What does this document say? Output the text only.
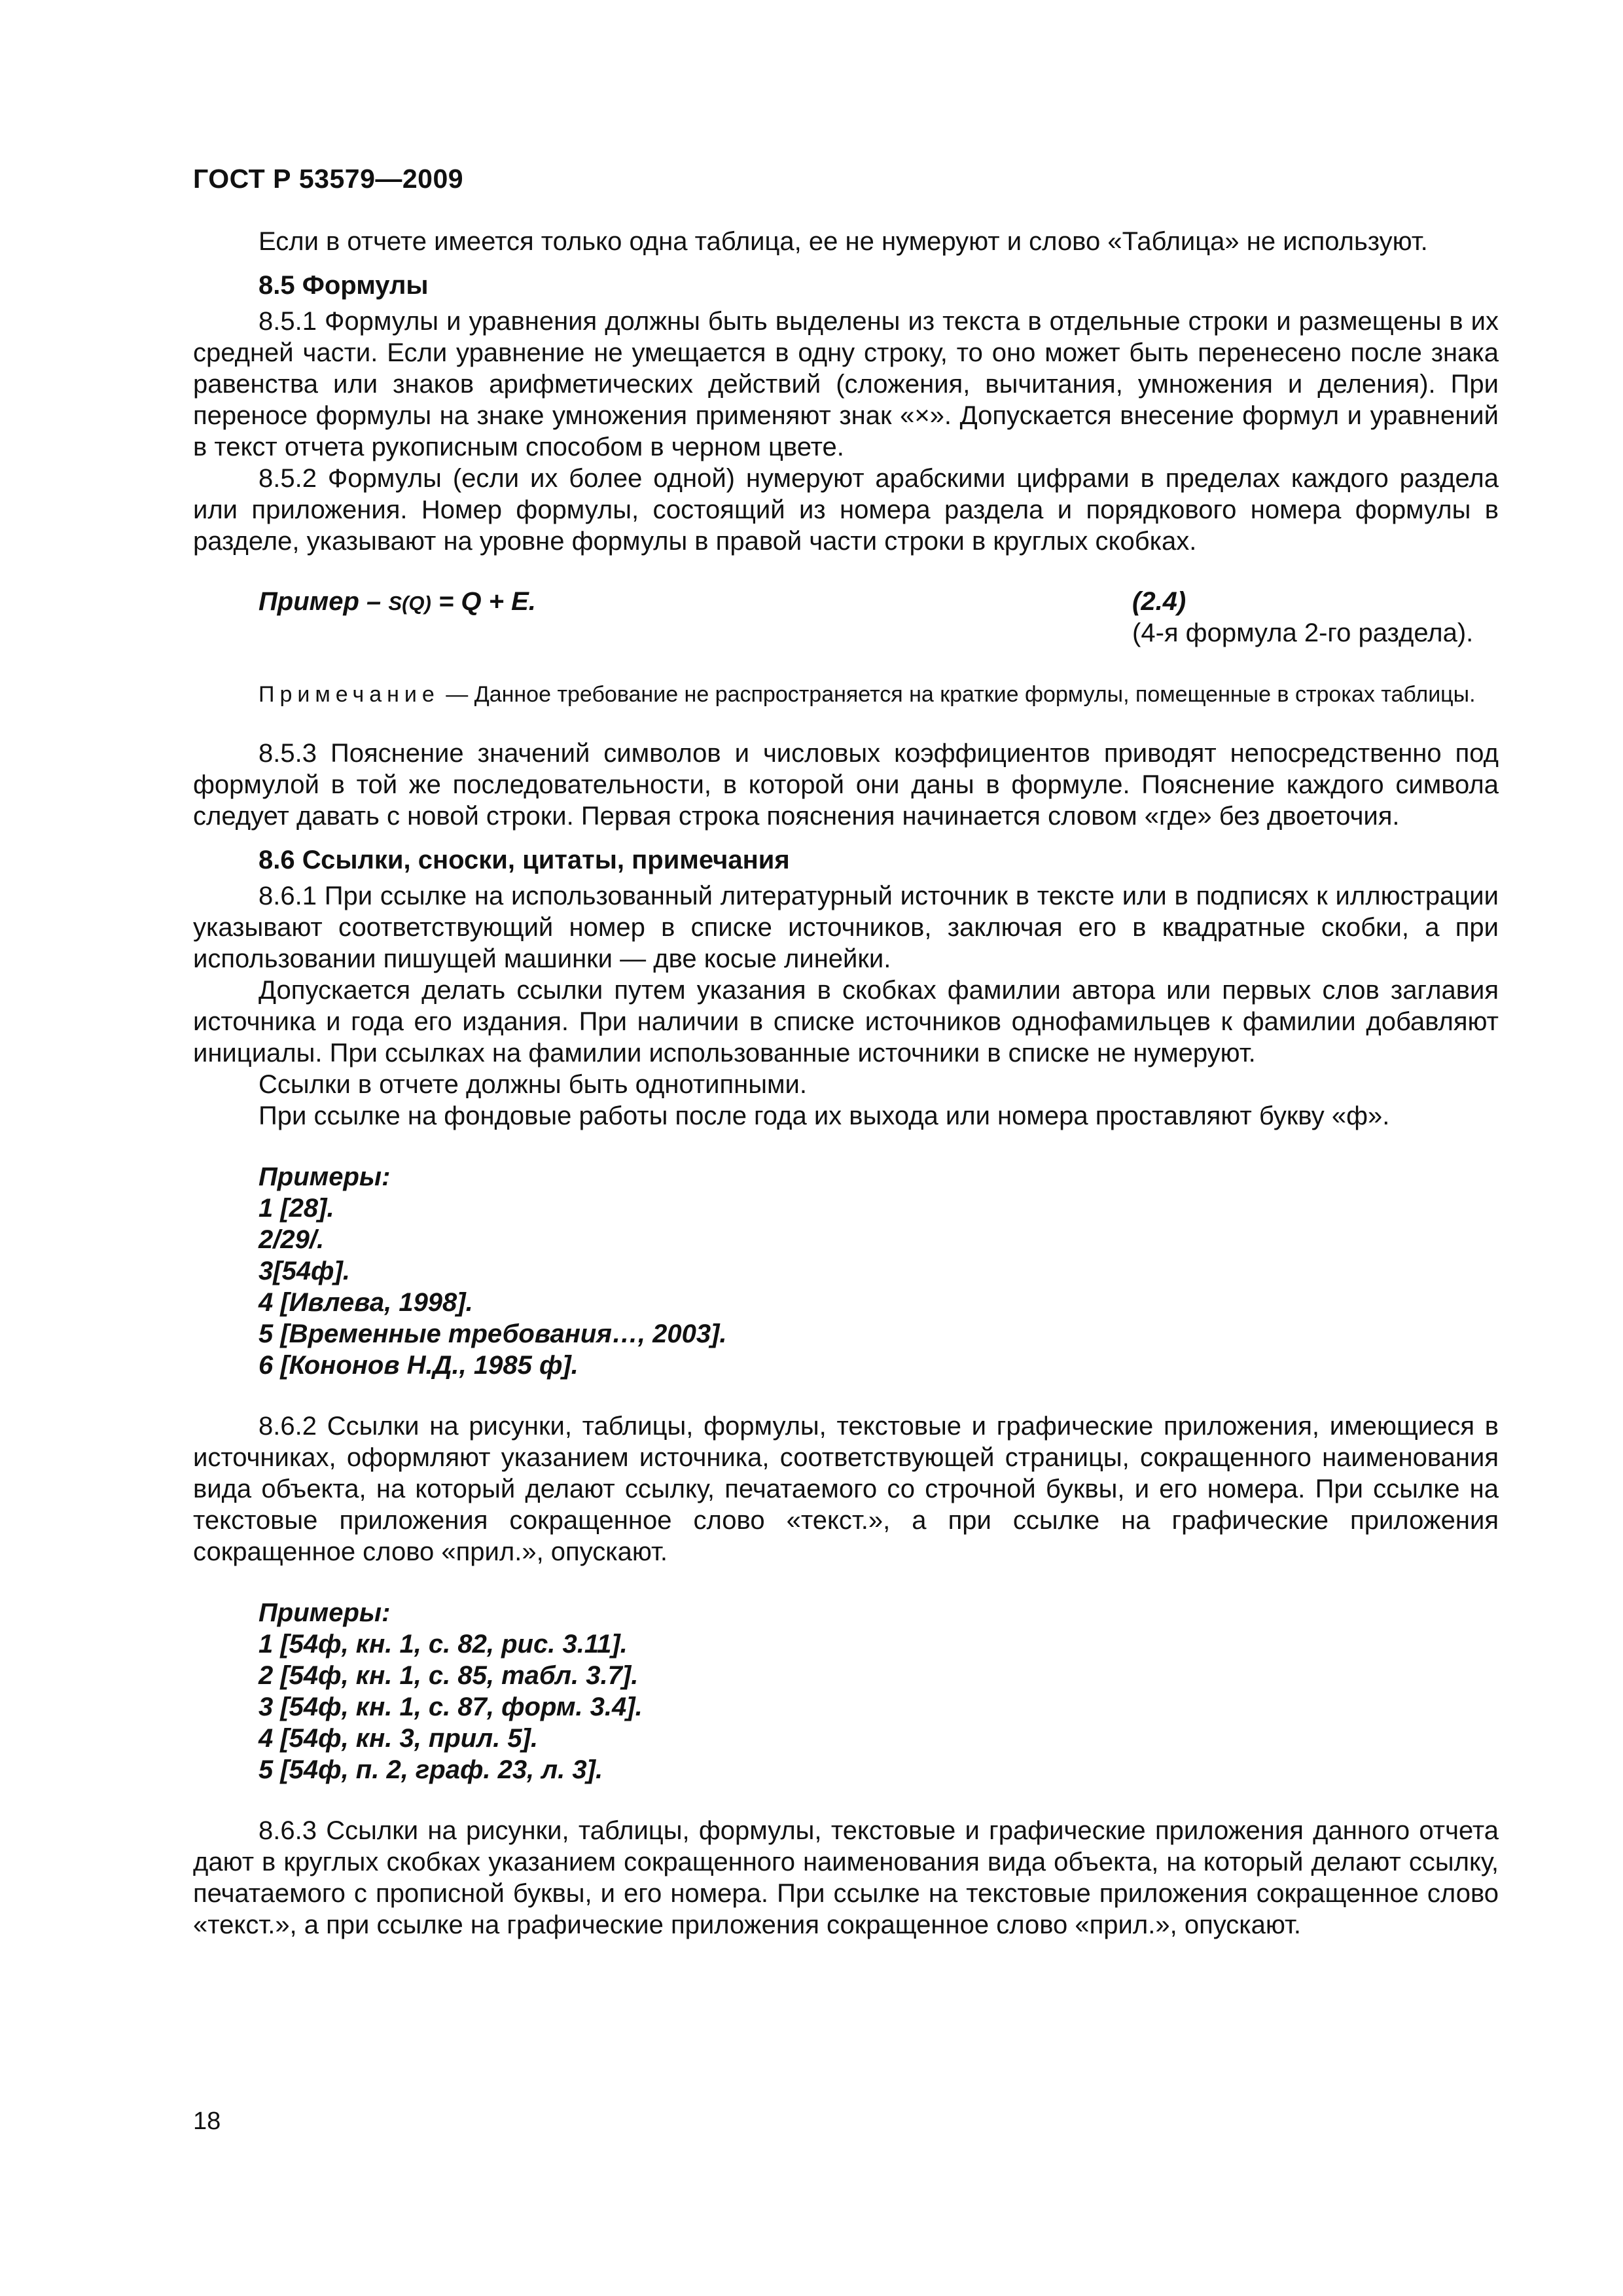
ГОСТ Р 53579—2009

Если в отчете имеется только одна таблица, ее не нумеруют и слово «Таблица» не используют.

8.5 Формулы

8.5.1 Формулы и уравнения должны быть выделены из текста в отдельные строки и размещены в их средней части. Если уравнение не умещается в одну строку, то оно может быть перенесено после знака равенства или знаков арифметических действий (сложения, вычитания, умножения и деления). При переносе формулы на знаке умножения применяют знак «×». Допускается внесение формул и уравнений в текст отчета рукописным способом в черном цвете.

8.5.2 Формулы (если их более одной) нумеруют арабскими цифрами в пределах каждого раздела или приложения. Номер формулы, состоящий из номера раздела и порядкового номера формулы в разделе, указывают на уровне формулы в правой части строки в круглых скобках.

Пример – S(Q) = Q + E.	(2.4)
(4-я формула 2-го раздела).

Примечание — Данное требование не распространяется на краткие формулы, помещенные в строках таблицы.

8.5.3 Пояснение значений символов и числовых коэффициентов приводят непосредственно под формулой в той же последовательности, в которой они даны в формуле. Пояснение каждого символа следует давать с новой строки. Первая строка пояснения начинается словом «где» без двоеточия.

8.6 Ссылки, сноски, цитаты, примечания

8.6.1 При ссылке на использованный литературный источник в тексте или в подписях к иллюстрации указывают соответствующий номер в списке источников, заключая его в квадратные скобки, а при использовании пишущей машинки — две косые линейки.

Допускается делать ссылки путем указания в скобках фамилии автора или первых слов заглавия источника и года его издания. При наличии в списке источников однофамильцев к фамилии добавляют инициалы. При ссылках на фамилии использованные источники в списке не нумеруют.

Ссылки в отчете должны быть однотипными.

При ссылке на фондовые работы после года их выхода или номера проставляют букву «ф».

Примеры:
1 [28].
2/29/.
3[54ф].
4 [Ивлева, 1998].
5 [Временные требования…, 2003].
6 [Кононов Н.Д., 1985 ф].

8.6.2 Ссылки на рисунки, таблицы, формулы, текстовые и графические приложения, имеющиеся в источниках, оформляют указанием источника, соответствующей страницы, сокращенного наименования вида объекта, на который делают ссылку, печатаемого со строчной буквы, и его номера. При ссылке на текстовые приложения сокращенное слово «текст.», а при ссылке на графические приложения сокращенное слово «прил.», опускают.

Примеры:
1 [54ф, кн. 1, с. 82, рис. 3.11].
2 [54ф, кн. 1, с. 85, табл. 3.7].
3 [54ф, кн. 1, с. 87, форм. 3.4].
4 [54ф, кн. 3, прил. 5].
5 [54ф, п. 2, граф. 23, л. 3].

8.6.3 Ссылки на рисунки, таблицы, формулы, текстовые и графические приложения данного отчета дают в круглых скобках указанием сокращенного наименования вида объекта, на который делают ссылку, печатаемого с прописной буквы, и его номера. При ссылке на текстовые приложения сокращенное слово «текст.», а при ссылке на графические приложения сокращенное слово «прил.», опускают.

18
